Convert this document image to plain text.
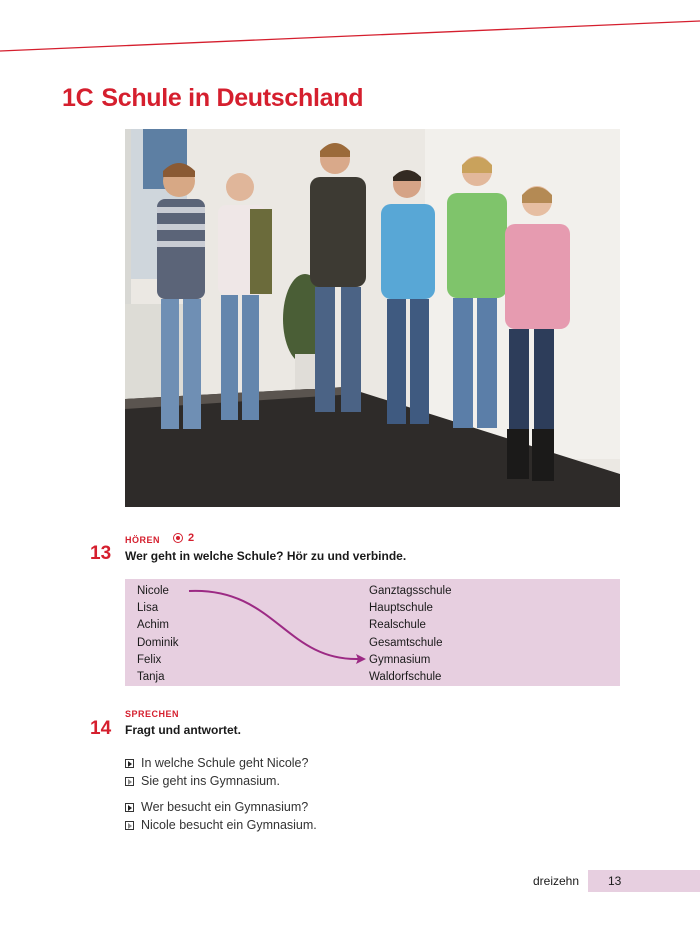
1C Schule in Deutschland
HÖREN	2
13 Wer geht in welche Schule? Hör zu und verbinde.
Nicole
Lisa
Achim
Dominik
Felix
Tanja
Ganztagsschule
Hauptschule
Realschule
Gesamtschule
Gymnasium
Waldorfschule
SPRECHEN
14 Fragt und antwortet.
In welche Schule geht Nicole?
Sie geht ins Gymnasium.
Wer besucht ein Gymnasium?
Nicole besucht ein Gymnasium.
dreizehn 13
